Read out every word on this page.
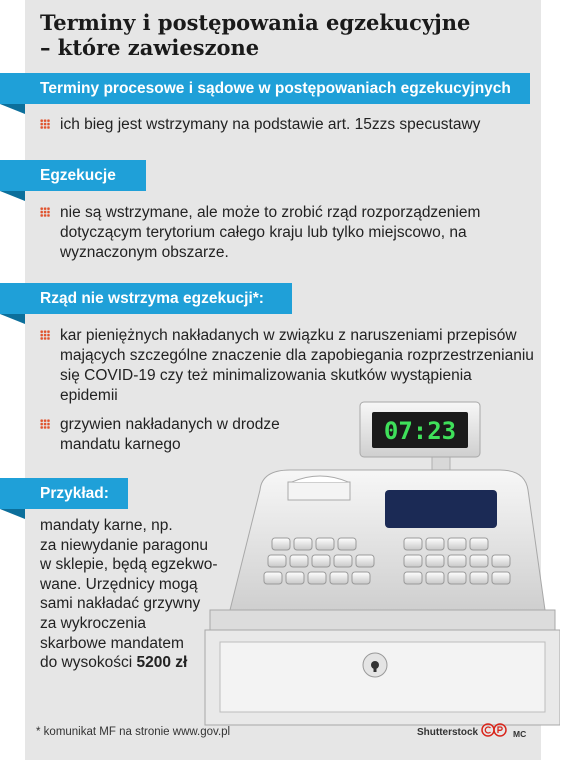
Terminy i postępowania egzekucyjne
– które zawieszone
Terminy procesowe i sądowe w postępowaniach egzekucyjnych
ich bieg jest wstrzymany na podstawie art. 15zzs specustawy
Egzekucje
nie są wstrzymane, ale może to zrobić rząd rozporządzeniem
dotyczącym terytorium całego kraju lub tylko miejscowo, na
wyznaczonym obszarze.
Rząd nie wstrzyma egzekucji*:
kar pieniężnych nakładanych w związku z naruszeniami przepisów
mających szczególne znaczenie dla zapobiegania rozprzestrzenianiu
się COVID-19 czy też minimalizowania skutków wystąpienia
epidemii
grzywien nakładanych w drodze
mandatu karnego
Przykład:
mandaty karne, np.
za niewydanie paragonu
w sklepie, będą egzekwo-
wane. Urzędnicy mogą
sami nakładać grzywny
za wykroczenia
skarbowe mandatem
do wysokości 5200 zł
07:23
* komunikat MF na stronie www.gov.pl	Shutterstock	MC
